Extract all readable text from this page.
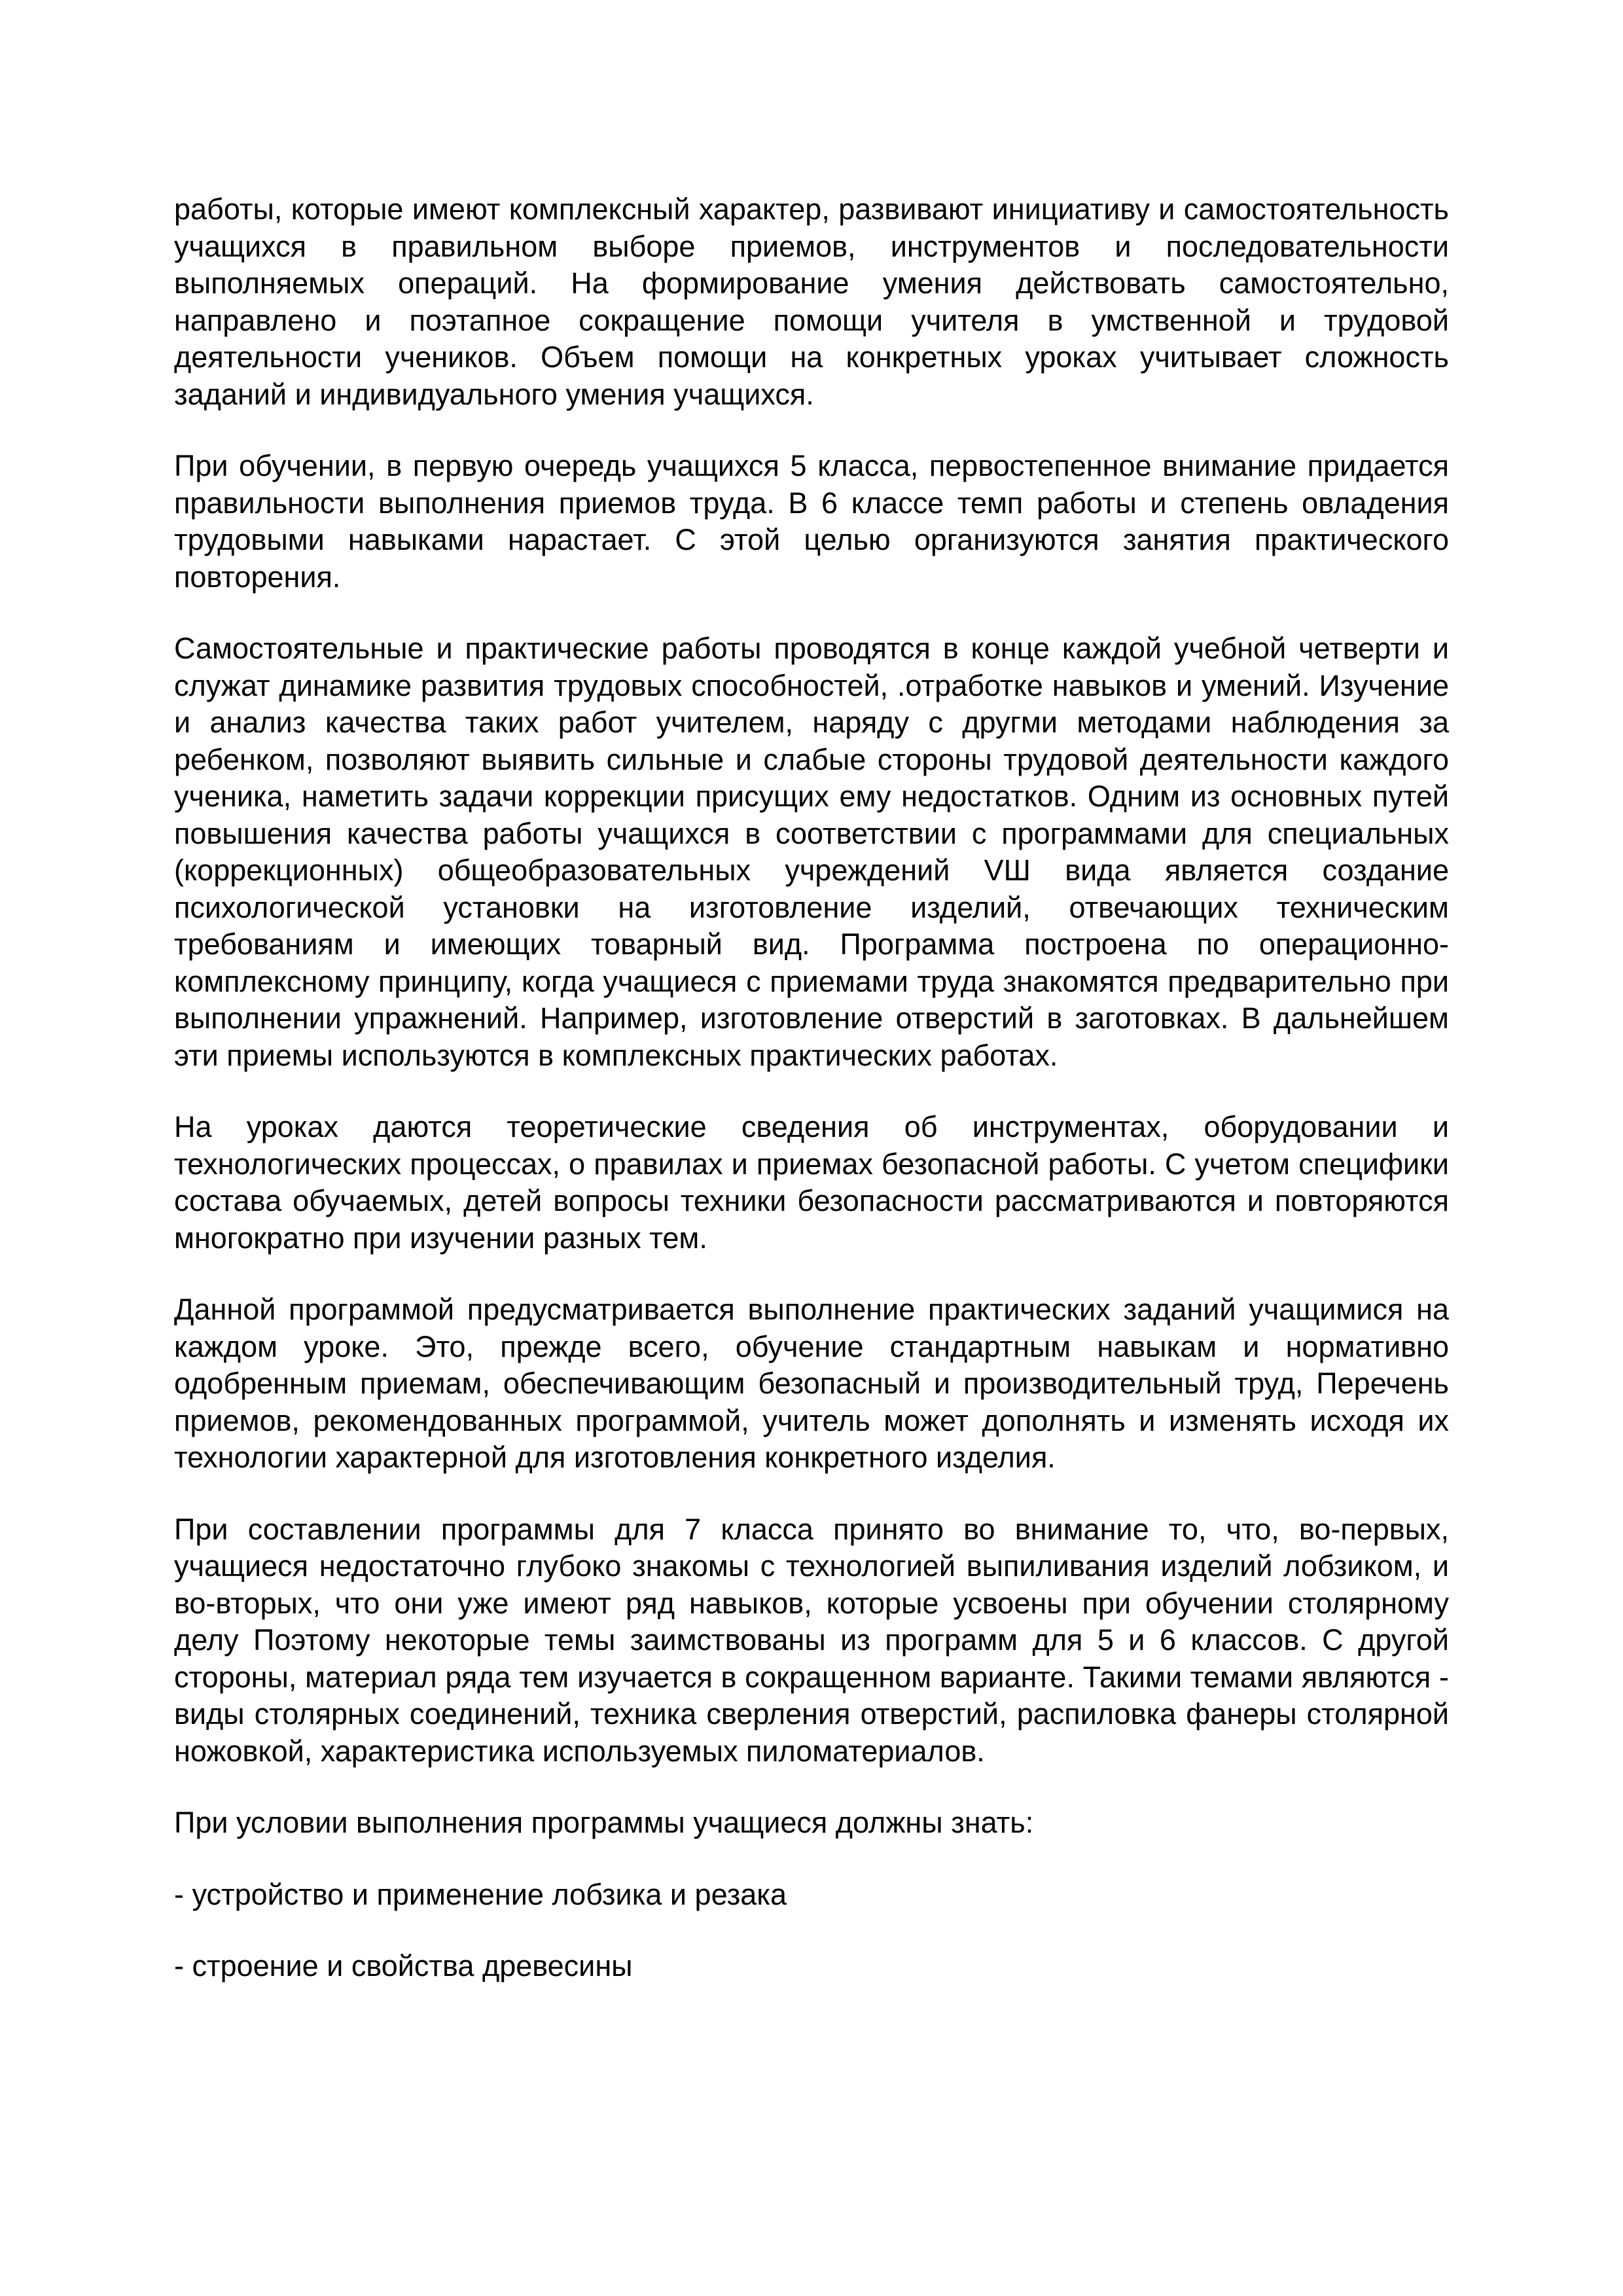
работы, которые имеют комплексный характер, развивают инициативу и самостоятельность учащихся в правильном выборе приемов, инструментов и последовательности выполняемых операций. На формирование умения действовать самостоятельно, направлено и поэтапное сокращение помощи учителя в умственной и трудовой деятельности учеников. Объем помощи на конкретных уроках учитывает сложность заданий и индивидуального умения учащихся.

При обучении, в первую очередь учащихся 5 класса, первостепенное внимание придается правильности выполнения приемов труда. В 6 классе темп работы и степень овладения трудовыми навыками нарастает. С этой целью организуются занятия практического повторения.

Самостоятельные и практические работы проводятся в конце каждой учебной четверти и служат динамике развития трудовых способностей, .отработке навыков и умений. Изучение и анализ качества таких работ учителем, наряду с другми методами наблюдения за ребенком, позволяют выявить сильные и слабые стороны трудовой деятельности каждого ученика, наметить задачи коррекции присущих ему недостатков. Одним из основных путей повышения качества работы учащихся в соответствии с программами для специальных (коррекционных) общеобразовательных учреждений VШ вида является создание психологической установки на изготовление изделий, отвечающих техническим требованиям и имеющих товарный вид. Программа построена по операционно-комплексному принципу, когда учащиеся с приемами труда знакомятся предварительно при выполнении упражнений. Например, изготовление отверстий в заготовках. В дальнейшем эти приемы используются в комплексных практических работах.

На уроках даются теоретические сведения об инструментах, оборудовании и технологических процессах, о правилах и приемах безопасной работы. С учетом специфики состава обучаемых, детей вопросы техники безопасности рассматриваются и повторяются многократно при изучении разных тем.

Данной программой предусматривается выполнение практических заданий учащимися на каждом уроке. Это, прежде всего, обучение стандартным навыкам и нормативно одобренным приемам, обеспечивающим безопасный и производительный труд, Перечень приемов, рекомендованных программой, учитель может дополнять и изменять исходя их технологии характерной для изготовления конкретного изделия.

При составлении программы для 7 класса принято во внимание то, что, во-первых, учащиеся недостаточно глубоко знакомы с технологией выпиливания изделий лобзиком, и во-вторых, что они уже имеют ряд навыков, которые усвоены при обучении столярному делу Поэтому некоторые темы заимствованы из программ для 5 и 6 классов. С другой стороны, материал ряда тем изучается в сокращенном варианте. Такими темами являются - виды столярных соединений, техника сверления отверстий, распиловка фанеры столярной ножовкой, характеристика используемых пиломатериалов.

При условии выполнения программы учащиеся должны знать:

- устройство и применение лобзика и резака

- строение и свойства древесины
